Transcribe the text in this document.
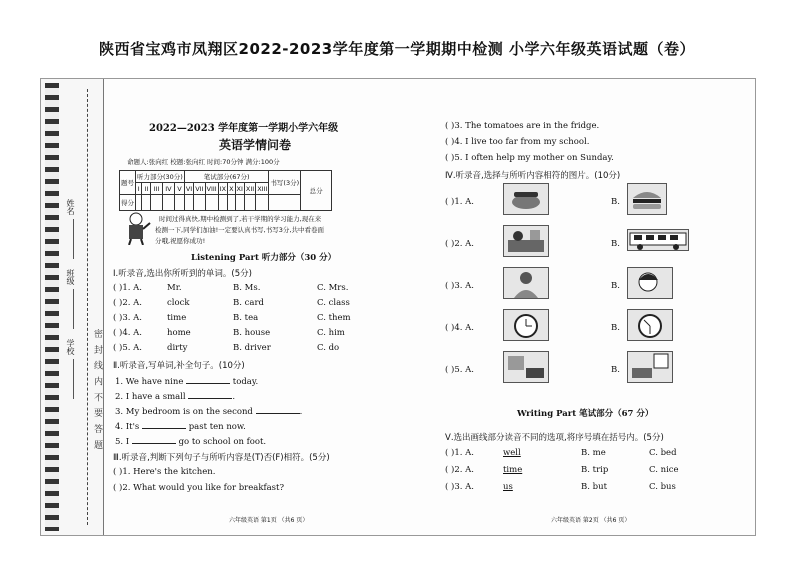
陕西省宝鸡市凤翔区2022-2023学年度第一学期期中检测 小学六年级英语试题（卷）
姓名
班级
学校 密 封 线 内 不 要 答 题
2022—2023 学年度第一学期小学六年级
英语学情问卷
命题人:张向红 校题:张向红 时间:70分钟 满分:100分
题号	听力部分(30分)					笔试部分(67分)								书写(3分)	总分
	I	II	III	IV	V	VI	VII	VIII	IX	X	XI	XII	XIII		
得分															
时间过得真快,期中检测到了,若干学期的学习能力,现在来
检测一下,同学们加油!一定要认真书写,书写3分,共中看卷面
分哦,祝愿你成功!
Listening Part 听力部分（30 分）
Ⅰ.听录音,选出你所听到的单词。(5分)
( )1. A.	Mr.	B. Ms.	C. Mrs.
( )2. A.	clock	B. card	C. class
( )3. A.	time	B. tea	C. them
( )4. A.	home	B. house	C. him
( )5. A.	dirty	B. driver	C. do
Ⅱ.听录音,写单词,补全句子。(10分)
1. We have nine	today.
2. I have a small	.
3. My bedroom is on the second	.
4. It's	past ten now.
5. I	go to school on foot.
Ⅲ.听录音,判断下列句子与所听内容是(T)否(F)相符。(5分)
( )1. Here's the kitchen.
( )2. What would you like for breakfast?
六年级英语 第1页 （共6 页）
( )3. The tomatoes are in the fridge.
( )4. I live too far from my school.
( )5. I often help my mother on Sunday.
Ⅳ.听录音,选择与所听内容相符的图片。(10分)
( )1. A.	B.
( )2. A.	B.
( )3. A.	B.
( )4. A.	B.
( )5. A.	B.
Writing Part 笔试部分（67 分）
Ⅴ.选出画线部分读音不同的选项,将序号填在括号内。(5分)
( )1. A.	well	B. me	C. bed
( )2. A.	time	B. trip	C. nice
( )3. A.	us	B. but	C. bus
六年级英语 第2页 （共6 页）
